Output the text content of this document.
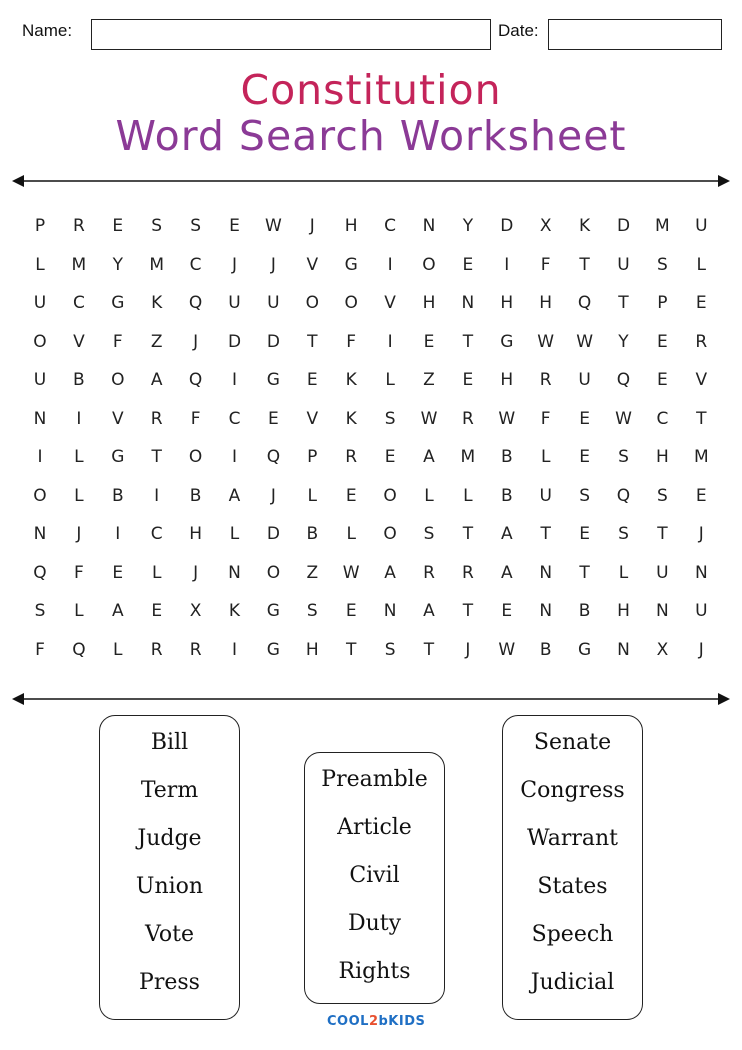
Name:	Date:
Constitution
Word Search Worksheet
P	R	E	S	S	E	W	J	H	C	N	Y	D	X	K	D	M	U
L	M	Y	M	C	J	J	V	G	I	O	E	I	F	T	U	S	L
U	C	G	K	Q	U	U	O	O	V	H	N	H	H	Q	T	P	E
O	V	F	Z	J	D	D	T	F	I	E	T	G	W	W	Y	E	R
U	B	O	A	Q	I	G	E	K	L	Z	E	H	R	U	Q	E	V
N	I	V	R	F	C	E	V	K	S	W	R	W	F	E	W	C	T
I	L	G	T	O	I	Q	P	R	E	A	M	B	L	E	S	H	M
O	L	B	I	B	A	J	L	E	O	L	L	B	U	S	Q	S	E
N	J	I	C	H	L	D	B	L	O	S	T	A	T	E	S	T	J
Q	F	E	L	J	N	O	Z	W	A	R	R	A	N	T	L	U	N
S	L	A	E	X	K	G	S	E	N	A	T	E	N	B	H	N	U
F	Q	L	R	R	I	G	H	T	S	T	J	W	B	G	N	X	J
Bill
Term
Judge
Union
Vote
Press
Preamble
Article
Civil
Duty
Rights
Senate
Congress
Warrant
States
Speech
Judicial
COOL2bKIDS
